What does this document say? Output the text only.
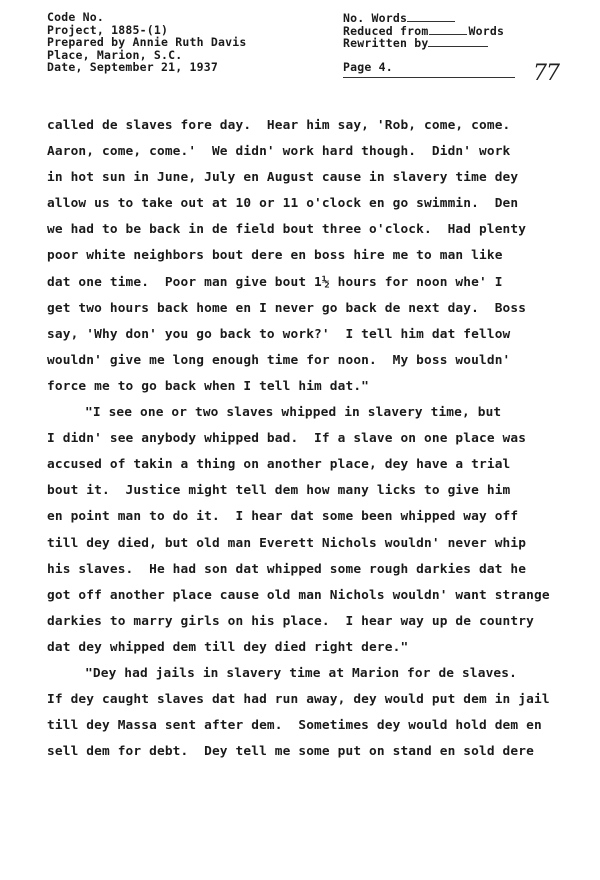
Code No.
Project, 1885-(1)
Prepared by Annie Ruth Davis
Place, Marion, S.C.
Date, September 21, 1937
No. Words
Reduced from	Words
Rewritten by
Page 4.	77
called de slaves fore day.  Hear him say, 'Rob, come, come.
Aaron, come, come.'  We didn' work hard though.  Didn' work
in hot sun in June, July en August cause in slavery time dey
allow us to take out at 10 or 11 o'clock en go swimmin.  Den
we had to be back in de field bout three o'clock.  Had plenty
poor white neighbors bout dere en boss hire me to man like
dat one time.  Poor man give bout 1½ hours for noon whe' I
get two hours back home en I never go back de next day.  Boss
say, 'Why don' you go back to work?'  I tell him dat fellow
wouldn' give me long enough time for noon.  My boss wouldn'
force me to go back when I tell him dat."
"I see one or two slaves whipped in slavery time, but
I didn' see anybody whipped bad.  If a slave on one place was
accused of takin a thing on another place, dey have a trial
bout it.  Justice might tell dem how many licks to give him
en point man to do it.  I hear dat some been whipped way off
till dey died, but old man Everett Nichols wouldn' never whip
his slaves.  He had son dat whipped some rough darkies dat he
got off another place cause old man Nichols wouldn' want strange
darkies to marry girls on his place.  I hear way up de country
dat dey whipped dem till dey died right dere."
"Dey had jails in slavery time at Marion for de slaves.
If dey caught slaves dat had run away, dey would put dem in jail
till dey Massa sent after dem.  Sometimes dey would hold dem en
sell dem for debt.  Dey tell me some put on stand en sold dere
